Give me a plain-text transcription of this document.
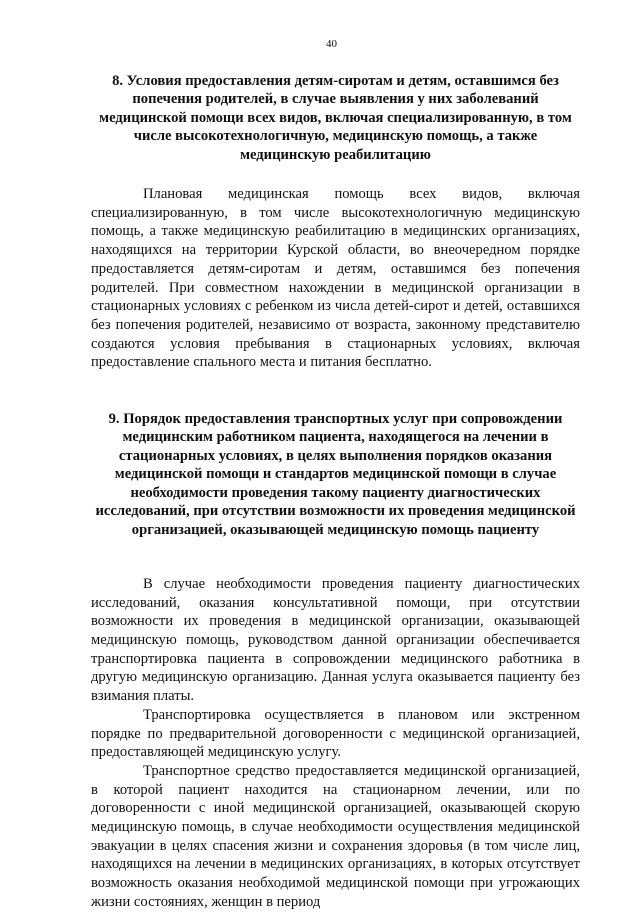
40
8. Условия предоставления детям-сиротам и детям, оставшимся без попечения родителей, в случае выявления у них заболеваний медицинской помощи всех видов, включая специализированную, в том числе высокотехнологичную, медицинскую помощь, а также медицинскую реабилитацию

Плановая медицинская помощь всех видов, включая специализированную, в том числе высокотехнологичную медицинскую помощь, а также медицинскую реабилитацию в медицинских организациях, находящихся на территории Курской области, во внеочередном порядке предоставляется детям-сиротам и детям, оставшимся без попечения родителей. При совместном нахождении в медицинской организации в стационарных условиях с ребенком из числа детей-сирот и детей, оставшихся без попечения родителей, независимо от возраста, законному представителю создаются условия пребывания в стационарных условиях, включая предоставление спального места и питания бесплатно.

9. Порядок предоставления транспортных услуг при сопровождении медицинским работником пациента, находящегося на лечении в стационарных условиях, в целях выполнения порядков оказания медицинской помощи и стандартов медицинской помощи в случае необходимости проведения такому пациенту диагностических исследований, при отсутствии возможности их проведения медицинской организацией, оказывающей медицинскую помощь пациенту

В случае необходимости проведения пациенту диагностических исследований, оказания консультативной помощи, при отсутствии возможности их проведения в медицинской организации, оказывающей медицинскую помощь, руководством данной организации обеспечивается транспортировка пациента в сопровождении медицинского работника в другую медицинскую организацию. Данная услуга оказывается пациенту без взимания платы.

Транспортировка осуществляется в плановом или экстренном порядке по предварительной договоренности с медицинской организацией, предоставляющей медицинскую услугу.

Транспортное средство предоставляется медицинской организацией, в которой пациент находится на стационарном лечении, или по договоренности с иной медицинской организацией, оказывающей скорую медицинскую помощь, в случае необходимости осуществления медицинской эвакуации в целях спасения жизни и сохранения здоровья (в том числе лиц, находящихся на лечении в медицинских организациях, в которых отсутствует возможность оказания необходимой медицинской помощи при угрожающих жизни состояниях, женщин в период
